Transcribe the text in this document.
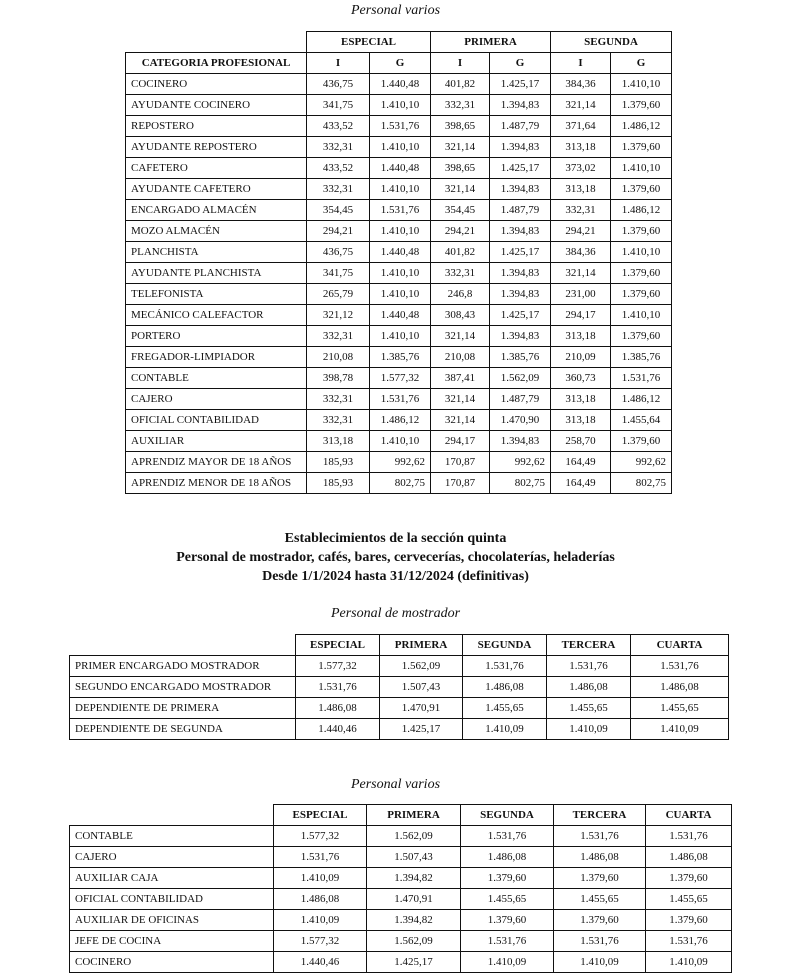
Personal varios
	ESPECIAL		PRIMERA		SEGUNDA	
CATEGORIA PROFESIONAL	I	G	I	G	I	G
COCINERO	436,75	1.440,48	401,82	1.425,17	384,36	1.410,10
AYUDANTE COCINERO	341,75	1.410,10	332,31	1.394,83	321,14	1.379,60
REPOSTERO	433,52	1.531,76	398,65	1.487,79	371,64	1.486,12
AYUDANTE REPOSTERO	332,31	1.410,10	321,14	1.394,83	313,18	1.379,60
CAFETERO	433,52	1.440,48	398,65	1.425,17	373,02	1.410,10
AYUDANTE CAFETERO	332,31	1.410,10	321,14	1.394,83	313,18	1.379,60
ENCARGADO ALMACÉN	354,45	1.531,76	354,45	1.487,79	332,31	1.486,12
MOZO ALMACÉN	294,21	1.410,10	294,21	1.394,83	294,21	1.379,60
PLANCHISTA	436,75	1.440,48	401,82	1.425,17	384,36	1.410,10
AYUDANTE PLANCHISTA	341,75	1.410,10	332,31	1.394,83	321,14	1.379,60
TELEFONISTA	265,79	1.410,10	246,8	1.394,83	231,00	1.379,60
MECÁNICO CALEFACTOR	321,12	1.440,48	308,43	1.425,17	294,17	1.410,10
PORTERO	332,31	1.410,10	321,14	1.394,83	313,18	1.379,60
FREGADOR-LIMPIADOR	210,08	1.385,76	210,08	1.385,76	210,09	1.385,76
CONTABLE	398,78	1.577,32	387,41	1.562,09	360,73	1.531,76
CAJERO	332,31	1.531,76	321,14	1.487,79	313,18	1.486,12
OFICIAL CONTABILIDAD	332,31	1.486,12	321,14	1.470,90	313,18	1.455,64
AUXILIAR	313,18	1.410,10	294,17	1.394,83	258,70	1.379,60
APRENDIZ MAYOR DE 18 AÑOS	185,93	992,62	170,87	992,62	164,49	992,62
APRENDIZ MENOR DE 18 AÑOS	185,93	802,75	170,87	802,75	164,49	802,75
Establecimientos de la sección quinta
Personal de mostrador, cafés, bares, cervecerías, chocolaterías, heladerías
Desde 1/1/2024 hasta 31/12/2024 (definitivas)
Personal de mostrador
	ESPECIAL	PRIMERA	SEGUNDA	TERCERA	CUARTA
PRIMER ENCARGADO MOSTRADOR	1.577,32	1.562,09	1.531,76	1.531,76	1.531,76
SEGUNDO ENCARGADO MOSTRADOR	1.531,76	1.507,43	1.486,08	1.486,08	1.486,08
DEPENDIENTE DE PRIMERA	1.486,08	1.470,91	1.455,65	1.455,65	1.455,65
DEPENDIENTE DE SEGUNDA	1.440,46	1.425,17	1.410,09	1.410,09	1.410,09
Personal varios
	ESPECIAL	PRIMERA	SEGUNDA	TERCERA	CUARTA
CONTABLE	1.577,32	1.562,09	1.531,76	1.531,76	1.531,76
CAJERO	1.531,76	1.507,43	1.486,08	1.486,08	1.486,08
AUXILIAR CAJA	1.410,09	1.394,82	1.379,60	1.379,60	1.379,60
OFICIAL CONTABILIDAD	1.486,08	1.470,91	1.455,65	1.455,65	1.455,65
AUXILIAR DE OFICINAS	1.410,09	1.394,82	1.379,60	1.379,60	1.379,60
JEFE DE COCINA	1.577,32	1.562,09	1.531,76	1.531,76	1.531,76
COCINERO	1.440,46	1.425,17	1.410,09	1.410,09	1.410,09
